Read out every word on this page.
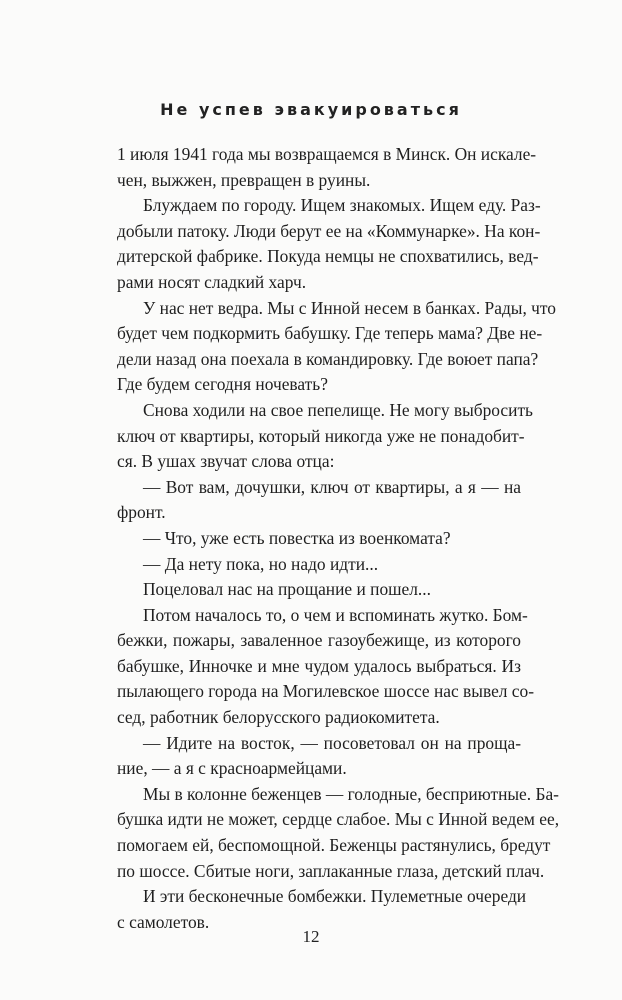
Не успев эвакуироваться
1 июля 1941 года мы возвращаемся в Минск. Он искале-
чен, выжжен, превращен в руины.
Блуждаем по городу. Ищем знакомых. Ищем еду. Раз-
добыли патоку. Люди берут ее на «Коммунарке». На кон-
дитерской фабрике. Покуда немцы не спохватились, вед-
рами носят сладкий харч.
У нас нет ведра. Мы с Инной несем в банках. Рады, что
будет чем подкормить бабушку. Где теперь мама? Две не-
дели назад она поехала в командировку. Где воюет папа?
Где будем сегодня ночевать?
Снова ходили на свое пепелище. Не могу выбросить
ключ от квартиры, который никогда уже не понадобит-
ся. В ушах звучат слова отца:
— Вот вам, дочушки, ключ от квартиры, а я — на
фронт.
— Что, уже есть повестка из военкомата?
— Да нету пока, но надо идти...
Поцеловал нас на прощание и пошел...
Потом началось то, о чем и вспоминать жутко. Бом-
бежки, пожары, заваленное газоубежище, из которого
бабушке, Инночке и мне чудом удалось выбраться. Из
пылающего города на Могилевское шоссе нас вывел со-
сед, работник белорусского радиокомитета.
— Идите на восток, — посоветовал он на проща-
ние, — а я с красноармейцами.
Мы в колонне беженцев — голодные, бесприютные. Ба-
бушка идти не может, сердце слабое. Мы с Инной ведем ее,
помогаем ей, беспомощной. Беженцы растянулись, бредут
по шоссе. Сбитые ноги, заплаканные глаза, детский плач.
И эти бесконечные бомбежки. Пулеметные очереди
с самолетов.
12
